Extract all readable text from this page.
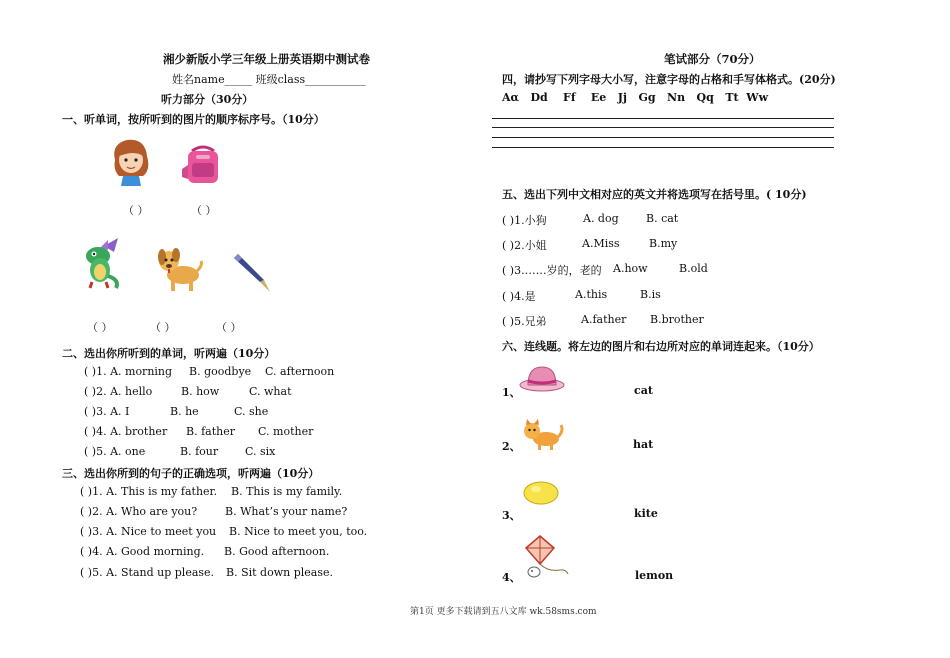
湘少新版小学三年级上册英语期中测试卷
姓名name_____ 班级class___________
听力部分（30分）
一、听单词，按所听到的图片的顺序标序号。（10分）
（ ）	（ ）
（ ）	（ ）	（ ）
二、选出你所听到的单词，听两遍（10分）
( )1. A. morning B. goodbye C. afternoon
( )2. A. hello	B. how	C. what
( )3. A. I	B. he	C. she
( )4. A. brother B. father C. mother
( )5. A. one	B. four C. six
三、选出你所到的句子的正确选项，听两遍（10分）
( )1. A. This is my father. B. This is my family.
( )2. A. Who are you?	B. What’s your name?
( )3. A. Nice to meet you B. Nice to meet you, too.
( )4. A. Good morning. B. Good afternoon.
( )5. A. Stand up please. B. Sit down please.
笔试部分（70分）
四，请抄写下列字母大小写，注意字母的占格和手写体格式。(20分)
Aα   Dd    Ff    Ee   Jj   Gg   Nn   Qq   Tt  Ww
五、选出下列中文相对应的英文并将选项写在括号里。( 10分)
( )1.小狗	A. dog B. cat
( )2.小姐	A.Miss	B.my
( )3.……岁的，老的 A.how	B.old
( )4.是	A.this	B.is
( )5.兄弟	A.father B.brother
六、连线题。将左边的图片和右边所对应的单词连起来。（10分）
1、	cat
2、	hat
3、	kite
4、	lemon
第1页 更多下载请到五八文库 wk.58sms.com
